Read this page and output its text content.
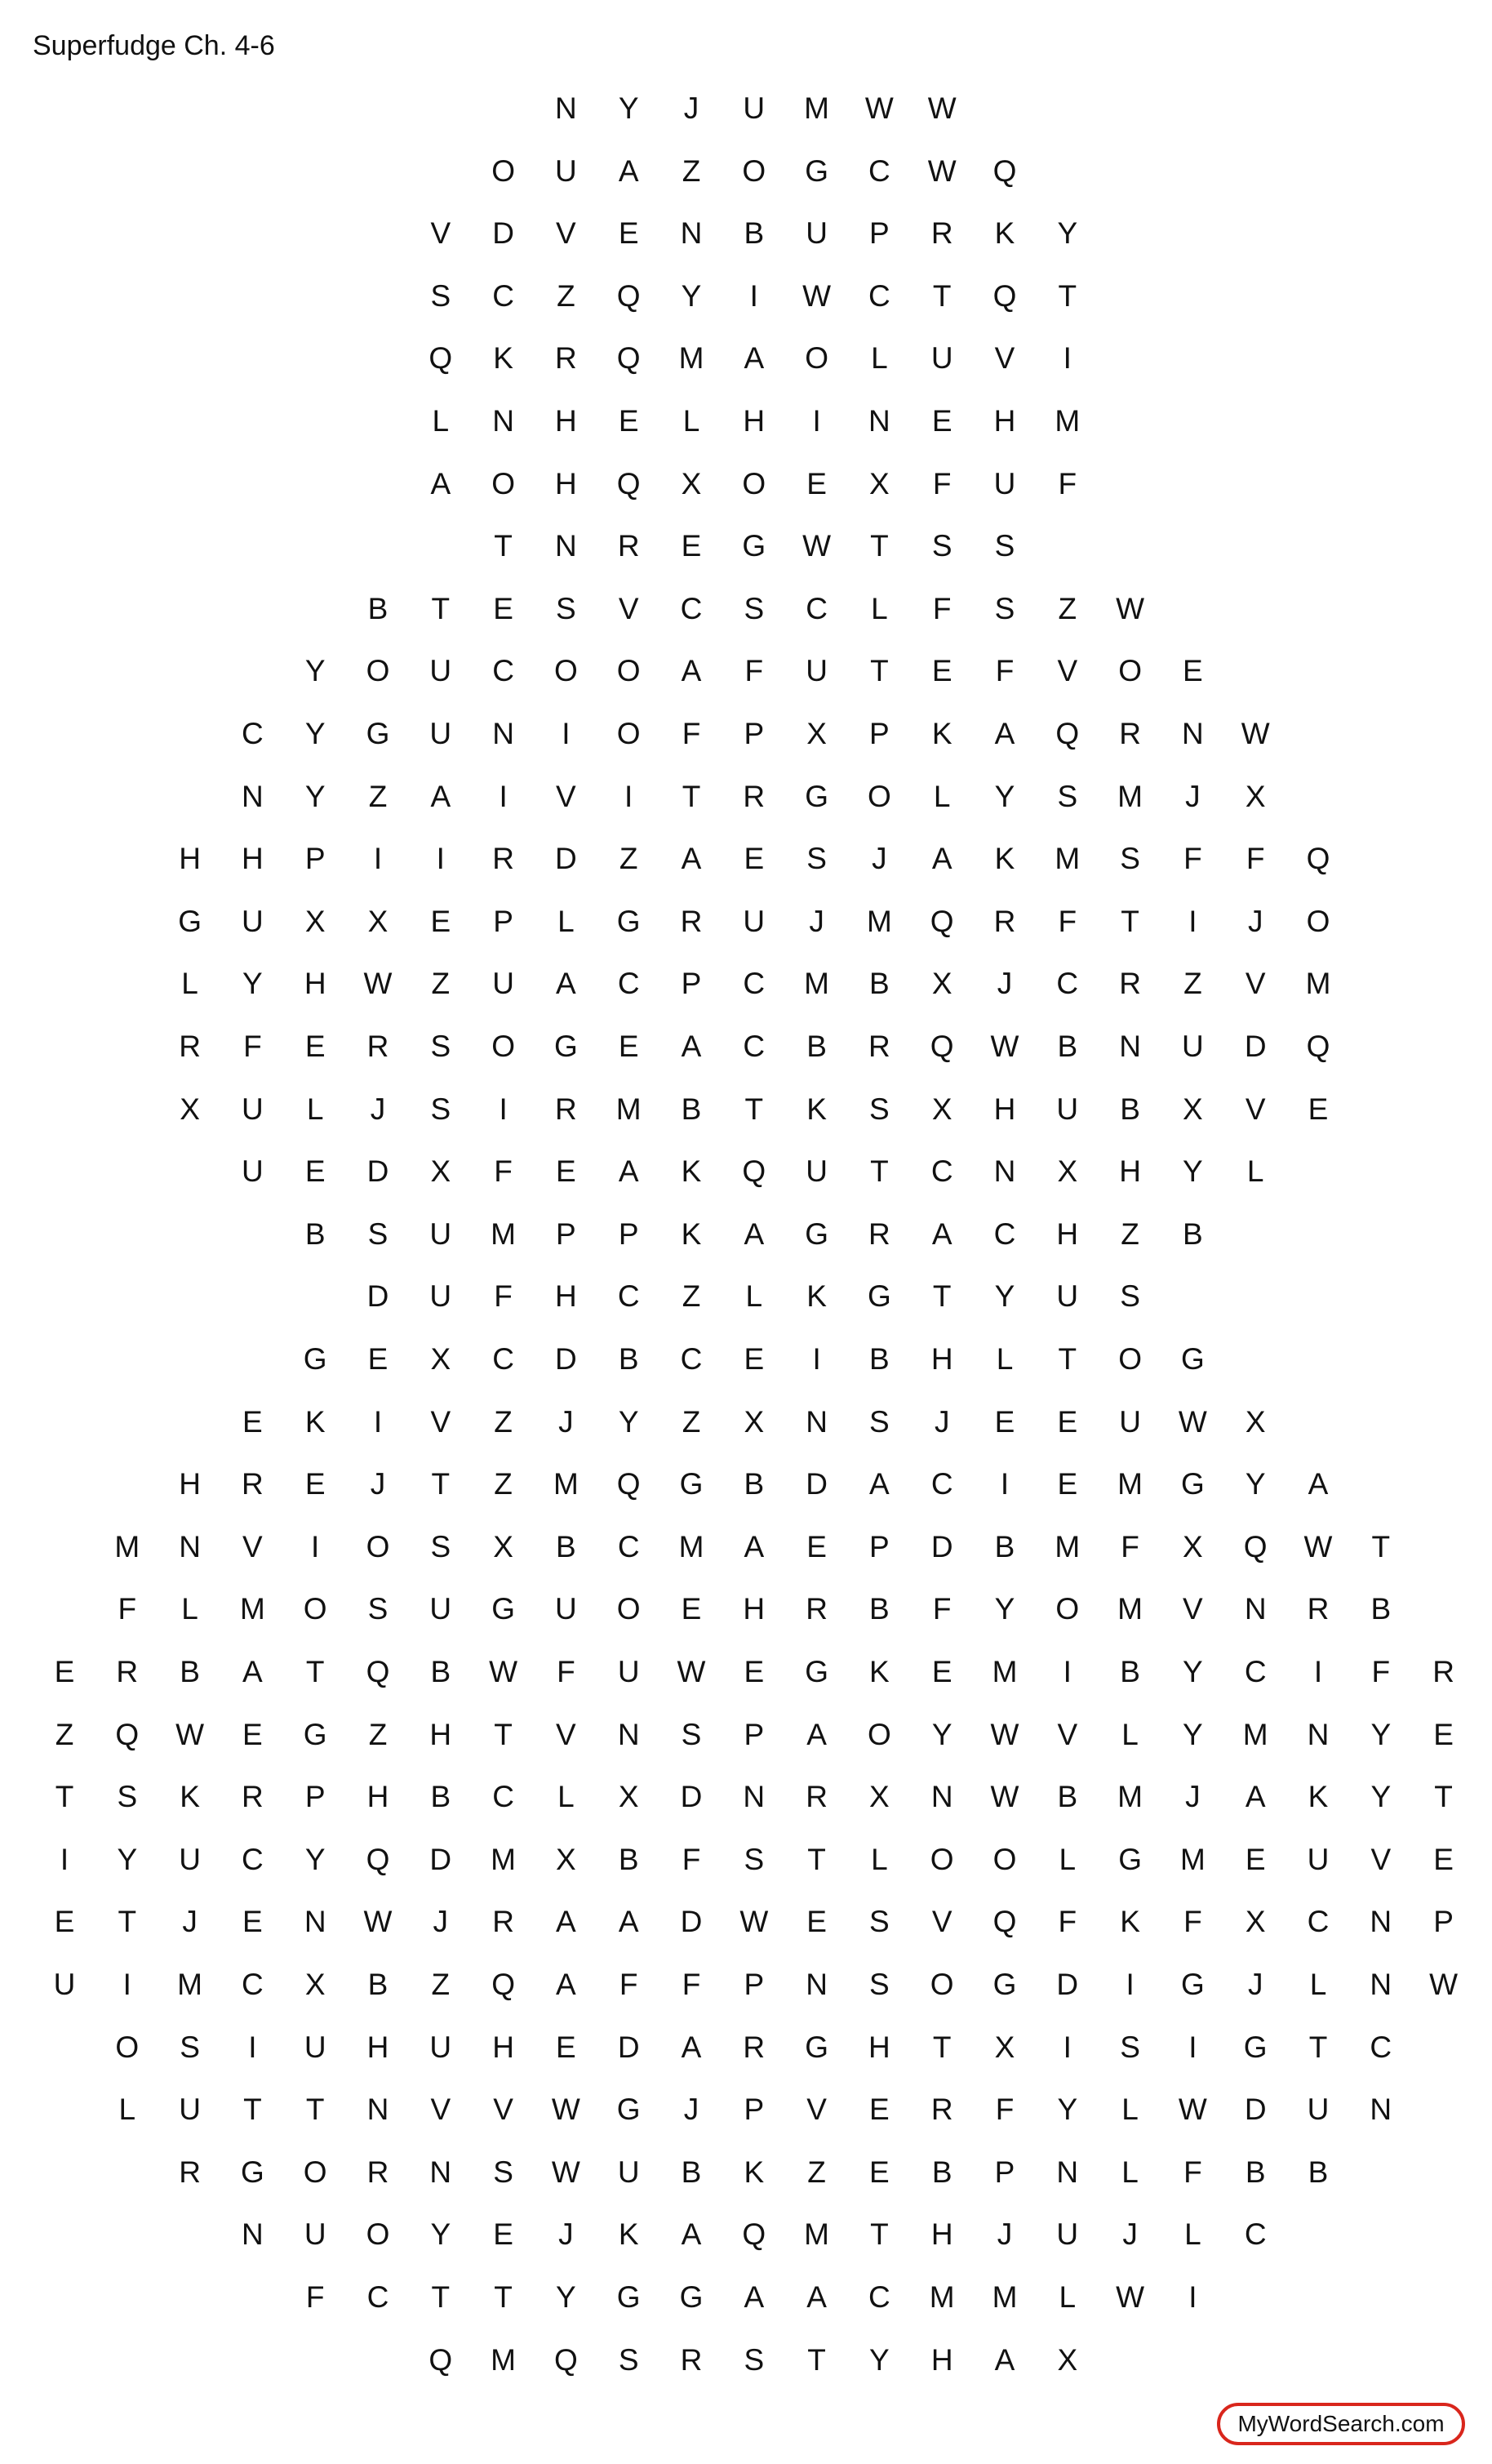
Superfudge Ch. 4-6
N Y J U M W W
O U A Z O G C W Q
V D V E N B U P R K Y
S C Z Q Y	I	W C T Q T
Q K R Q M A O L U V	I
L N H E L H	I	N E H M
A O H Q X O E X F U F
T N R E G W T S S
B T E S V C S C L F S Z W
Y O U C O O A F U T E F V O E
C Y G U N	I	O F P X P K A Q R N W
N Y Z A	I	V	I	T R G O L Y S M J X
H H P	I	I	R D Z A E S J A K M S F F Q
G U X X E P L G R U J M Q R F T	I	J O
L Y H W Z U A C P C M B X J C R Z V M
R F E R S O G E A C B R Q W B N U D Q
X U L J S	I	R M B T K S X H U B X V E
U E D X F E A K Q U T C N X H Y L
B S U M P P K A G R A C H Z B
D U F H C Z L K G T Y U S
G E X C D B C E	I	B H L T O G
E K	I	V Z J Y Z X N S J E E U W X
H R E J T Z M Q G B D A C	I	E M G Y A
M N V	I	O S X B C M A E P D B M F X Q W T
F L M O S U G U O E H R B F Y O M V N R B
E R B A T Q B W F U W E G K E M	I	B Y C	I	F R
Z Q W E G Z H T V N S P A O Y W V L Y M N Y E
T S K R P H B C L X D N R X N W B M J A K Y T
I	Y U C Y Q D M X B F S T L O O L G M E U V E
E T J E N W J R A A D W E S V Q F K F X C N P
U	I	M C X B Z Q A F F P N S O G D	I	G J L N W
O S	I	U H U H E D A R G H T X	I	S	I	G T C
L U T T N V V W G J P V E R F Y L W D U N
R G O R N S W U B K Z E B P N L F B B
N U O Y E J K A Q M T H J U J L C
F C T T Y G G A A C M M L W	I
Q M Q S R S T Y H A X
MyWordSearch.com
